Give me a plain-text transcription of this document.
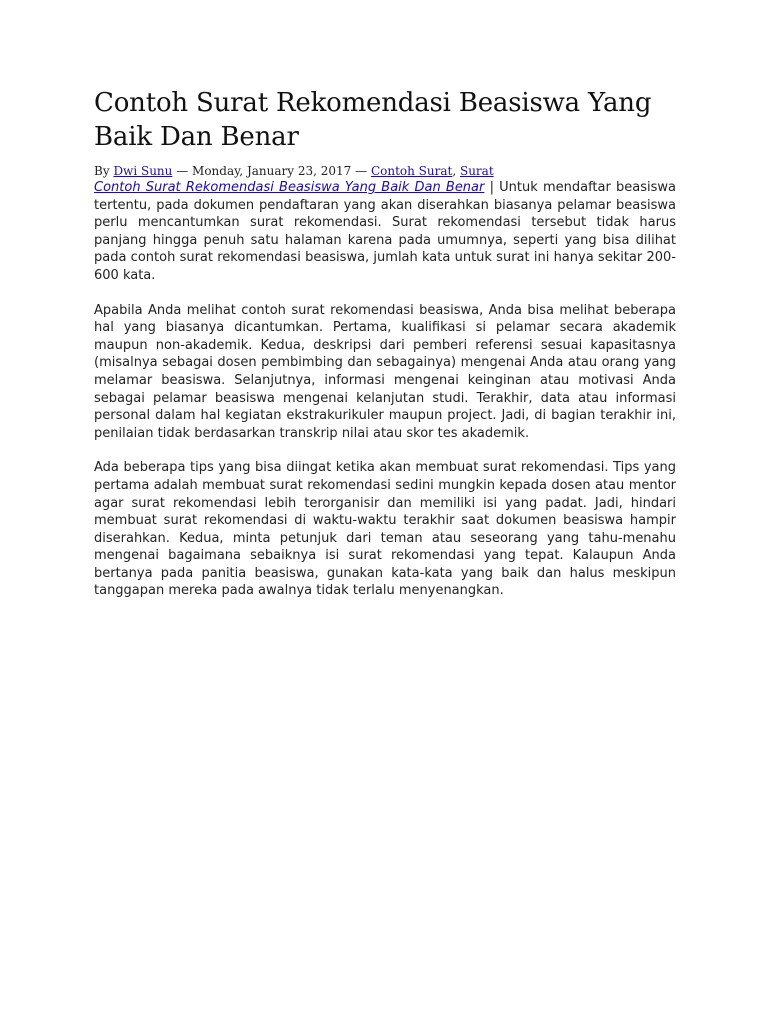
Contoh Surat Rekomendasi Beasiswa Yang Baik Dan Benar
By Dwi Sunu — Monday, January 23, 2017 — Contoh Surat, Surat

Contoh Surat Rekomendasi Beasiswa Yang Baik Dan Benar | Untuk mendaftar beasiswa tertentu, pada dokumen pendaftaran yang akan diserahkan biasanya pelamar beasiswa perlu mencantumkan surat rekomendasi. Surat rekomendasi tersebut tidak harus panjang hingga penuh satu halaman karena pada umumnya, seperti yang bisa dilihat pada contoh surat rekomendasi beasiswa, jumlah kata untuk surat ini hanya sekitar 200-600 kata.

Apabila Anda melihat contoh surat rekomendasi beasiswa, Anda bisa melihat beberapa hal yang biasanya dicantumkan. Pertama, kualifikasi si pelamar secara akademik maupun non-akademik. Kedua, deskripsi dari pemberi referensi sesuai kapasitasnya (misalnya sebagai dosen pembimbing dan sebagainya) mengenai Anda atau orang yang melamar beasiswa. Selanjutnya, informasi mengenai keinginan atau motivasi Anda sebagai pelamar beasiswa mengenai kelanjutan studi. Terakhir, data atau informasi personal dalam hal kegiatan ekstrakurikuler maupun project. Jadi, di bagian terakhir ini, penilaian tidak berdasarkan transkrip nilai atau skor tes akademik.

Ada beberapa tips yang bisa diingat ketika akan membuat surat rekomendasi. Tips yang pertama adalah membuat surat rekomendasi sedini mungkin kepada dosen atau mentor agar surat rekomendasi lebih terorganisir dan memiliki isi yang padat. Jadi, hindari membuat surat rekomendasi di waktu-waktu terakhir saat dokumen beasiswa hampir diserahkan. Kedua, minta petunjuk dari teman atau seseorang yang tahu-menahu mengenai bagaimana sebaiknya isi surat rekomendasi yang tepat. Kalaupun Anda bertanya pada panitia beasiswa, gunakan kata-kata yang baik dan halus meskipun tanggapan mereka pada awalnya tidak terlalu menyenangkan.
